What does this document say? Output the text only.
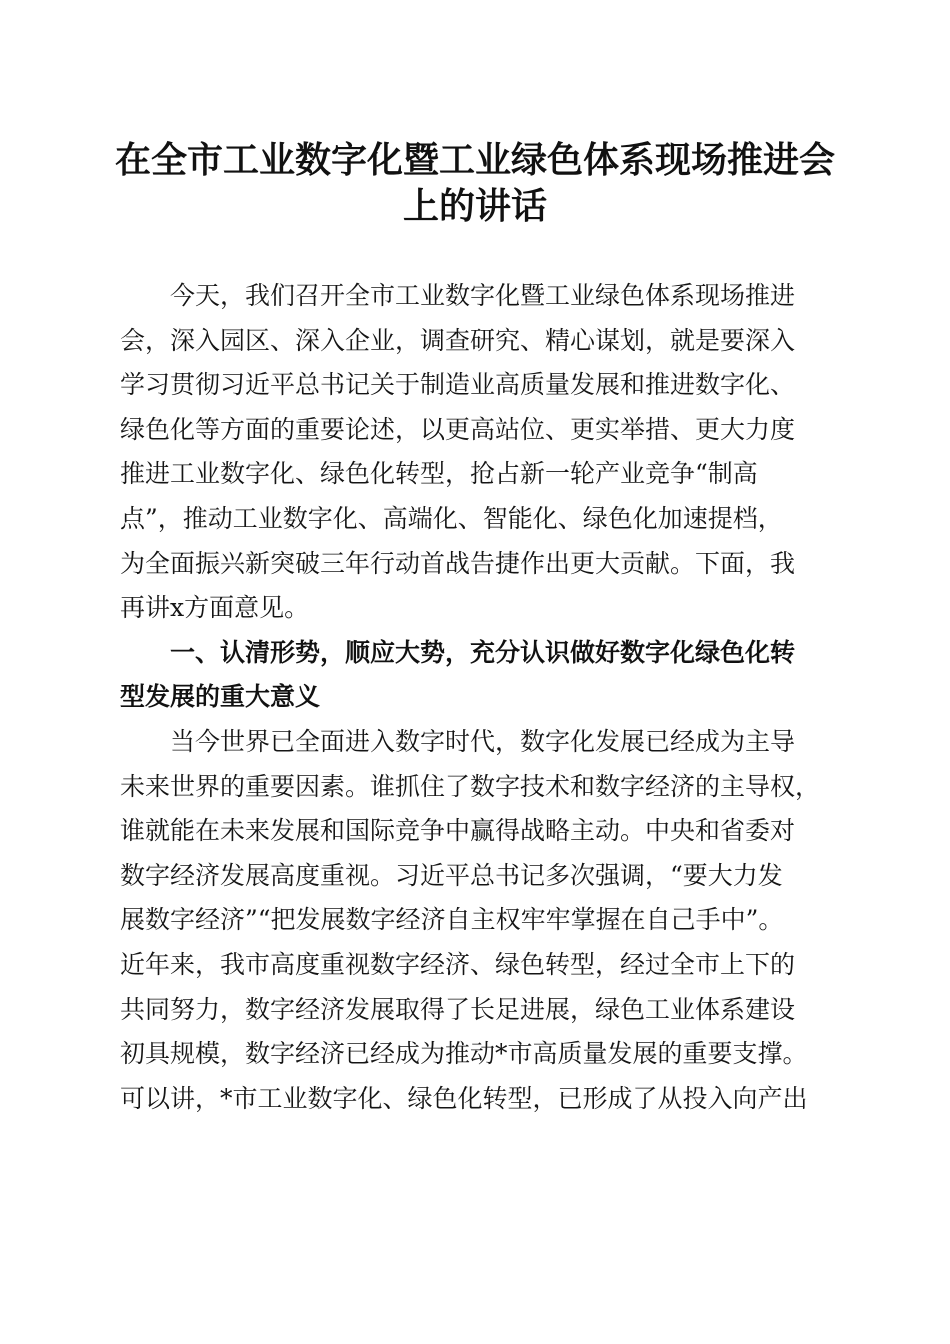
在全市工业数字化暨工业绿色体系现场推进会
上的讲话
今天，我们召开全市工业数字化暨工业绿色体系现场推进
会，深入园区、深入企业，调查研究、精心谋划，就是要深入
学习贯彻习近平总书记关于制造业高质量发展和推进数字化、
绿色化等方面的重要论述，以更高站位、更实举措、更大力度
推进工业数字化、绿色化转型，抢占新一轮产业竞争“制高
点”，推动工业数字化、高端化、智能化、绿色化加速提档，
为全面振兴新突破三年行动首战告捷作出更大贡献。下面，我
再讲x方面意见。
一、认清形势，顺应大势，充分认识做好数字化绿色化转
型发展的重大意义
当今世界已全面进入数字时代，数字化发展已经成为主导
未来世界的重要因素。谁抓住了数字技术和数字经济的主导权，
谁就能在未来发展和国际竞争中赢得战略主动。中央和省委对
数字经济发展高度重视。习近平总书记多次强调，“要大力发
展数字经济”“把发展数字经济自主权牢牢掌握在自己手中”。
近年来，我市高度重视数字经济、绿色转型，经过全市上下的
共同努力，数字经济发展取得了长足进展，绿色工业体系建设
初具规模，数字经济已经成为推动*市高质量发展的重要支撑。
可以讲，*市工业数字化、绿色化转型，已形成了从投入向产出
